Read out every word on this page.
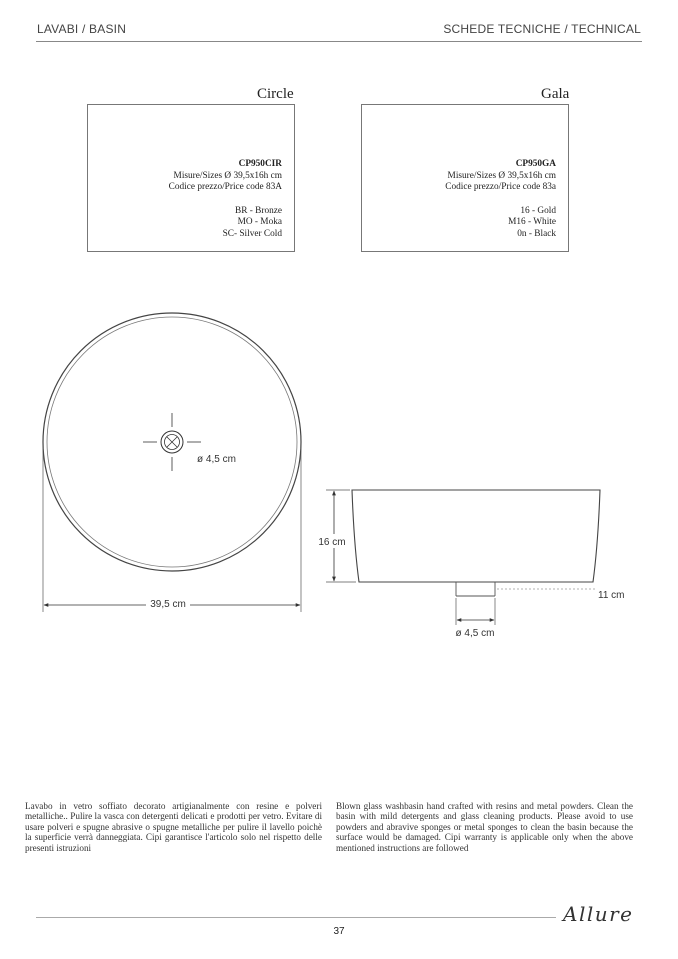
LAVABI / BASIN	SCHEDE TECNICHE / TECHNICAL
Circle
CP950CIR
Misure/Sizes Ø 39,5x16h cm
Codice prezzo/Price code 83A
BR - Bronze
MO - Moka
SC- Silver Cold
Gala
CP950GA
Misure/Sizes Ø 39,5x16h cm
Codice prezzo/Price code 83a
16 - Gold
M16 - White
0n - Black
ø 4,5 cm
39,5 cm
16 cm
11 cm
ø 4,5 cm
Lavabo in vetro soffiato decorato artigianalmente con resine e polveri metalliche.. Pulire la vasca con detergenti delicati e prodotti per vetro. Evitare di usare polveri e spugne abrasive o spugne metalliche per pulire il lavello poichè la superficie verrà danneggiata. Cipi garantisce l'articolo solo nel rispetto delle presenti istruzioni
Blown glass washbasin hand crafted with resins and metal powders. Clean the basin with mild detergents and glass cleaning products. Please avoid to use powders and abravive sponges or metal sponges to clean the basin because the surface would be damaged. Cipi warranty is applicable only when the above mentioned instructions are followed
Allure
37
